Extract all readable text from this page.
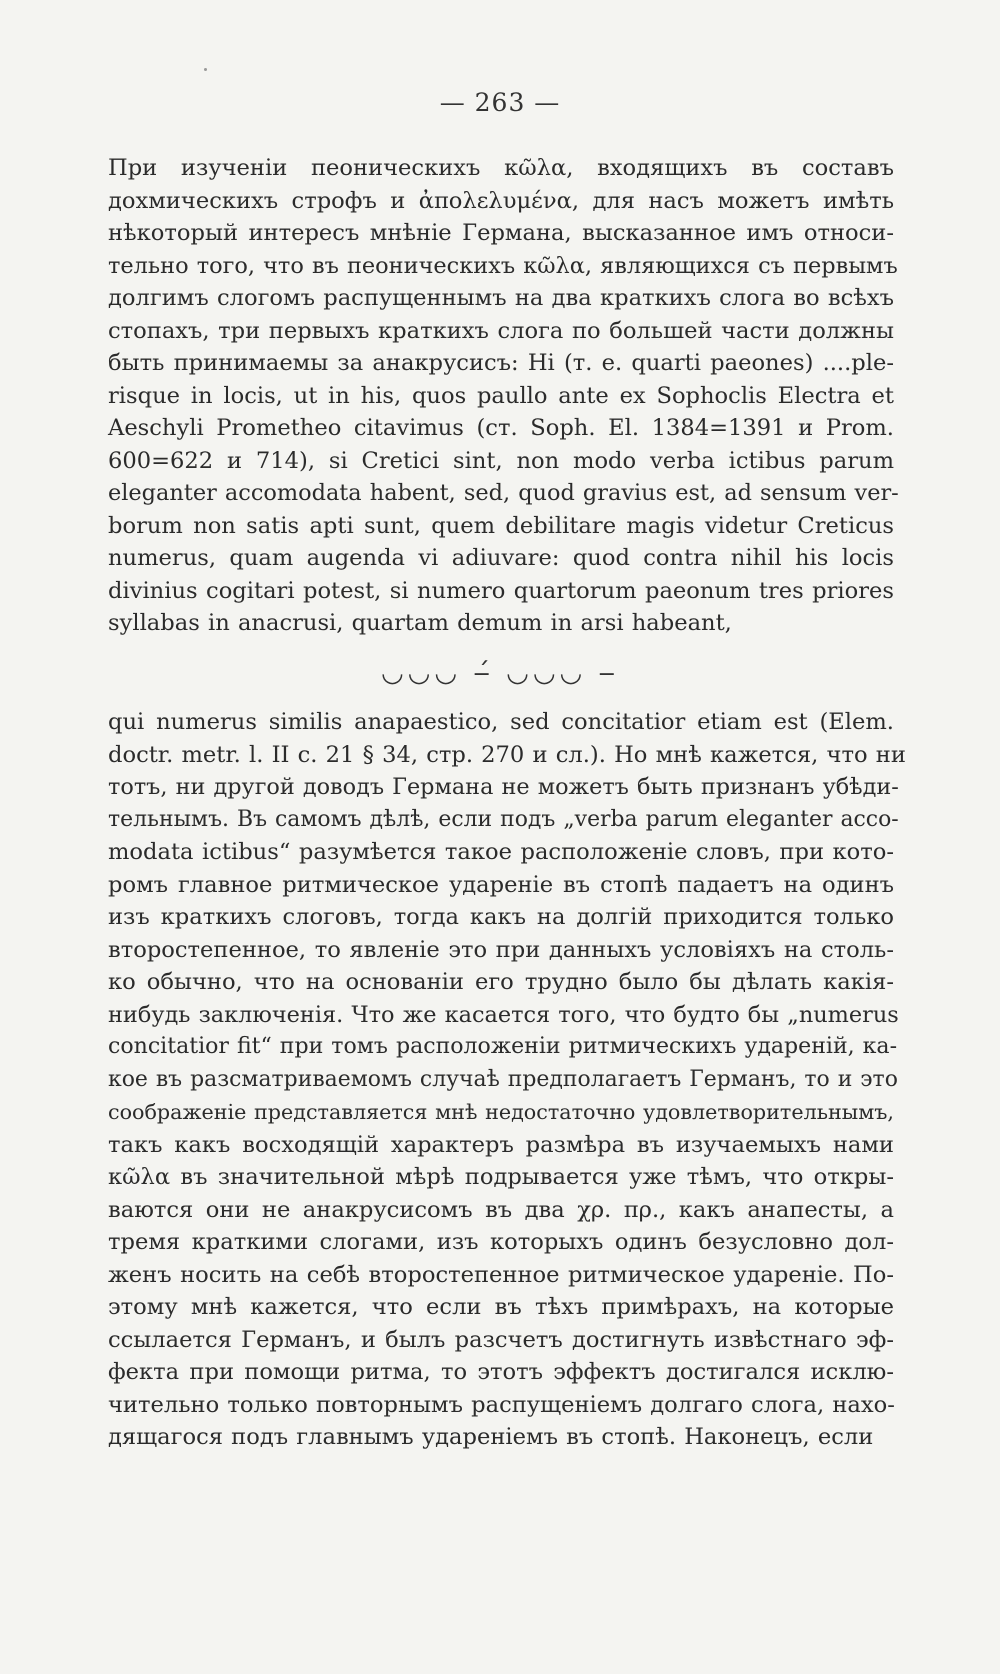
— 263 —
При изученіи пеоническихъ κῶλα, входящихъ въ составъ
дохмическихъ строфъ и ἀπολελυμένα, для насъ можетъ имѣть
нѣкоторый интересъ мнѣніе Германа, высказанное имъ относи-
тельно того, что въ пеоническихъ κῶλα, являющихся съ первымъ
долгимъ слогомъ распущеннымъ на два краткихъ слога во всѣхъ
стопахъ, три первыхъ краткихъ слога по большей части должны
быть принимаемы за анакрусисъ: Hi (т. е. quarti paeones) ....ple-
risque in locis, ut in his, quos paullo ante ex Sophoclis Electra et
Aeschyli Prometheo citavimus (ст. Soph. El. 1384=1391 и Prom.
600=622 и 714), si Cretici sint, non modo verba ictibus parum
eleganter accomodata habent, sed, quod gravius est, ad sensum ver-
borum non satis apti sunt, quem debilitare magis videtur Creticus
numerus, quam augenda vi adiuvare: quod contra nihil his locis
divinius cogitari potest, si numero quartorum paeonum tres priores
syllabas in anacrusi, quartam demum in arsi habeant,
◡◡◡ ‒́ ◡◡◡ ‒
qui numerus similis anapaestico, sed concitatior etiam est (Elem.
doctr. metr. l. II c. 21 § 34, стр. 270 и сл.). Но мнѣ кажется, что ни
тотъ, ни другой доводъ Германа не можетъ быть признанъ убѣди-
тельнымъ. Въ самомъ дѣлѣ, если подъ „verba parum eleganter acco-
modata ictibus“ разумѣется такое расположеніе словъ, при кото-
ромъ главное ритмическое удареніе въ стопѣ падаетъ на одинъ
изъ краткихъ слоговъ, тогда какъ на долгій приходится только
второстепенное, то явленіе это при данныхъ условіяхъ на столь-
ко обычно, что на основаніи его трудно было бы дѣлать какія-
нибудь заключенія. Что же касается того, что будто бы „numerus
concitatior fit“ при томъ расположеніи ритмическихъ удареній, ка-
кое въ разсматриваемомъ случаѣ предполагаетъ Германъ, то и это
соображеніе представляется мнѣ недостаточно удовлетворительнымъ,
такъ какъ восходящій характеръ размѣра въ изучаемыхъ нами
κῶλα въ значительной мѣрѣ подрывается уже тѣмъ, что откры-
ваются они не анакрусисомъ въ два χρ. πρ., какъ анапесты, а
тремя краткими слогами, изъ которыхъ одинъ безусловно дол-
женъ носить на себѣ второстепенное ритмическое удареніе. По-
этому мнѣ кажется, что если въ тѣхъ примѣрахъ, на которые
ссылается Германъ, и былъ разсчетъ достигнуть извѣстнаго эф-
фекта при помощи ритма, то этотъ эффектъ достигался исклю-
чительно только повторнымъ распущеніемъ долгаго слога, нахо-
дящагося подъ главнымъ удареніемъ въ стопѣ. Наконецъ, если
